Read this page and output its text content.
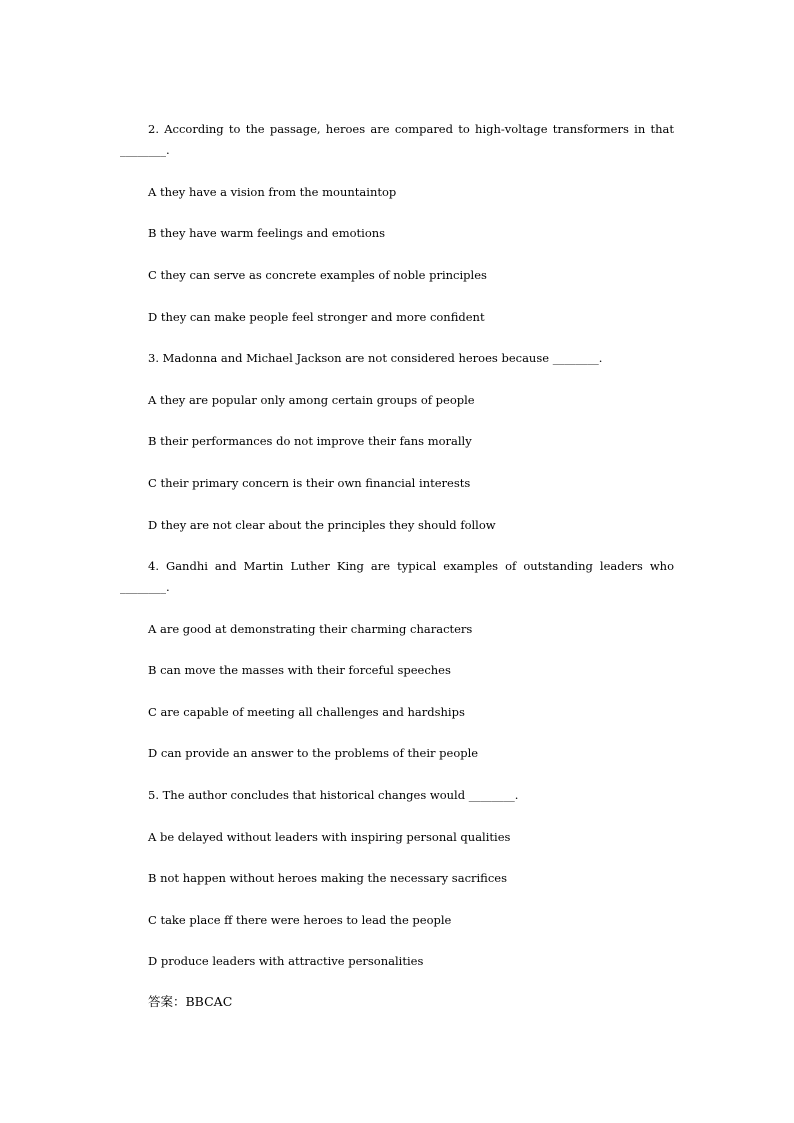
2. According to the passage, heroes are compared to high-voltage transformers in that ________.
A they have a vision from the mountaintop
B they have warm feelings and emotions
C they can serve as concrete examples of noble principles
D they can make people feel stronger and more confident
3. Madonna and Michael Jackson are not considered heroes because ________.
A they are popular only among certain groups of people
B their performances do not improve their fans morally
C their primary concern is their own financial interests
D they are not clear about the principles they should follow
4. Gandhi and Martin Luther King are typical examples of outstanding leaders who ________.
A are good at demonstrating their charming characters
B can move the masses with their forceful speeches
C are capable of meeting all challenges and hardships
D can provide an answer to the problems of their people
5. The author concludes that historical changes would ________.
A be delayed without leaders with inspiring personal qualities
B not happen without heroes making the necessary sacrifices
C take place ff there were heroes to lead the people
D produce leaders with attractive personalities
答案：BBCAC
